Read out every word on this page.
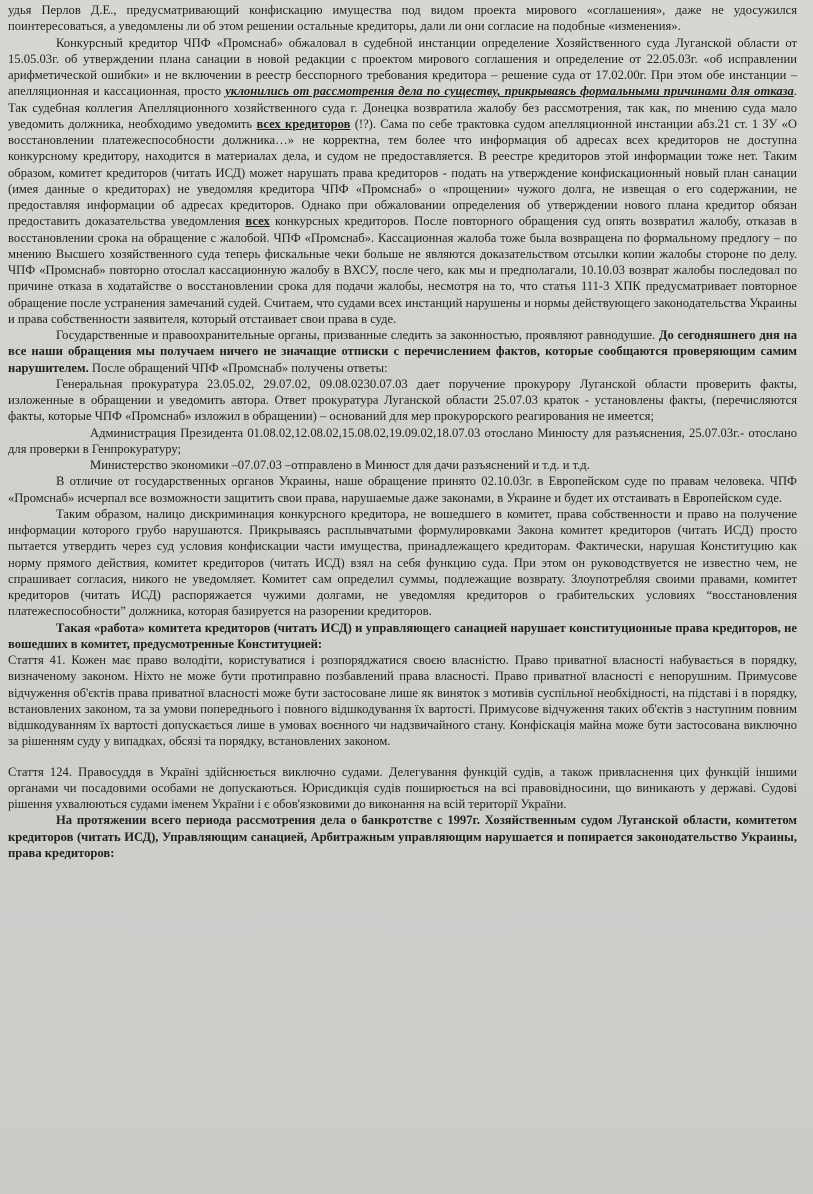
удья Перлов Д.Е., предусматривающий конфискацию имущества под видом проекта мирового «соглашения», даже не удосужился поинтересоваться, а уведомлены ли об этом решении остальные кредиторы, дали ли они согласие на подобные «изменения».

Конкурсный кредитор ЧПФ «Промснаб» обжаловал в судебной инстанции определение Хозяйственного суда Луганской области от 15.05.03г. об утверждении плана санации в новой редакции с проектом мирового соглашения и определение от 22.05.03г. «об исправлении арифметической ошибки» и не включении в реестр бесспорного требования кредитора – решение суда от 17.02.00г. При этом обе инстанции – апелляционная и кассационная, просто уклонились от рассмотрения дела по существу, прикрываясь формальными причинами для отказа. Так судебная коллегия Апелляционного хозяйственного суда г. Донецка возвратила жалобу без рассмотрения, так как, по мнению суда мало уведомить должника, необходимо уведомить всех кредиторов (!?). Сама по себе трактовка судом апелляционной инстанции абз.21 ст. 1 ЗУ «О восстановлении платежеспособности должника…» не корректна, тем более что информация об адресах всех кредиторов не доступна конкурсному кредитору, находится в материалах дела, и судом не предоставляется. В реестре кредиторов этой информации тоже нет. Таким образом, комитет кредиторов (читать ИСД) может нарушать права кредиторов - подать на утверждение конфискационный новый план санации (имея данные о кредиторах) не уведомляя кредитора ЧПФ «Промснаб» о «прощении» чужого долга, не извещая о его содержании, не предоставляя информации об адресах кредиторов. Однако при обжаловании определения об утверждении нового плана кредитор обязан предоставить доказательства уведомления всех конкурсных кредиторов. После повторного обращения суд опять возвратил жалобу, отказав в восстановлении срока на обращение с жалобой. ЧПФ «Промснаб». Кассационная жалоба тоже была возвращена по формальному предлогу – по мнению Высшего хозяйственного суда теперь фискальные чеки больше не являются доказательством отсылки копии жалобы стороне по делу. ЧПФ «Промснаб» повторно отослал кассационную жалобу в ВХСУ, после чего, как мы и предполагали, 10.10.03 возврат жалобы последовал по причине отказа в ходатайстве о восстановлении срока для подачи жалобы, несмотря на то, что статья 111-3 ХПК предусматривает повторное обращение после устранения замечаний судей. Считаем, что судами всех инстанций нарушены и нормы действующего законодательства Украины и права собственности заявителя, который отстаивает свои права в суде.

Государственные и правоохранительные органы, призванные следить за законностью, проявляют равнодушие. До сегодняшнего дня на все наши обращения мы получаем ничего не значащие отписки с перечислением фактов, которые сообщаются проверяющим самим нарушителем. После обращений ЧПФ «Промснаб» получены ответы:

Генеральная прокуратура 23.05.02, 29.07.02, 09.08.0230.07.03 дает поручение прокурору Луганской области проверить факты, изложенные в обращении и уведомить автора. Ответ прокуратура Луганской области 25.07.03 краток - установлены факты, (перечисляются факты, которые ЧПФ «Промснаб» изложил в обращении) – оснований для мер прокурорского реагирования не имеется;

Администрация Президента 01.08.02,12.08.02,15.08.02,19.09.02,18.07.03 отослано Минюсту для разъяснения, 25.07.03г.- отослано для проверки в Генпрокуратуру;

Министерство экономики –07.07.03 –отправлено в Минюст для дачи разъяснений и т.д. и т.д.

В отличие от государственных органов Украины, наше обращение принято 02.10.03г. в Европейском суде по правам человека. ЧПФ «Промснаб» исчерпал все возможности защитить свои права, нарушаемые даже законами, в Украине и будет их отстаивать в Европейском суде.

Таким образом, налицо дискриминация конкурсного кредитора, не вошедшего в комитет, права собственности и право на получение информации которого грубо нарушаются. Прикрываясь расплывчатыми формулировками Закона комитет кредиторов (читать ИСД) просто пытается утвердить через суд условия конфискации части имущества, принадлежащего кредиторам. Фактически, нарушая Конституцию как норму прямого действия, комитет кредиторов (читать ИСД) взял на себя функцию суда. При этом он руководствуется не известно чем, не спрашивает согласия, никого не уведомляет. Комитет сам определил суммы, подлежащие возврату. Злоупотребляя своими правами, комитет кредиторов (читать ИСД) распоряжается чужими долгами, не уведомляя кредиторов о грабительских условиях “восстановления платежеспособности” должника, которая базируется на разорении кредиторов.

Такая «работа» комитета кредиторов (читать ИСД) и управляющего санацией нарушает конституционные права кредиторов, не вошедших в комитет, предусмотренные Конституцией:

Стаття 41. Кожен має право володіти, користуватися і розпоряджатися своєю власністю. Право приватної власності набувається в порядку, визначеному законом. Ніхто не може бути протиправно позбавлений права власності. Право приватної власності є непорушним. Примусове відчуження об'єктів права приватної власності може бути застосоване лише як виняток з мотивів суспільної необхідності, на підставі і в порядку, встановлених законом, та за умови попереднього і повного відшкодування їх вартості. Примусове відчуження таких об'єктів з наступним повним відшкодуванням їх вартості допускається лише в умовах воєнного чи надзвичайного стану. Конфіскація майна може бути застосована виключно за рішенням суду у випадках, обсязі та порядку, встановлених законом.

Стаття 124. Правосуддя в Україні здійснюється виключно судами. Делегування функцій судів, а також привласнення цих функцій іншими органами чи посадовими особами не допускаються. Юрисдикція судів поширюється на всі правовідносини, що виникають у державі. Судові рішення ухвалюються судами іменем України і є обов'язковими до виконання на всій території України.

На протяжении всего периода рассмотрения дела о банкротстве с 1997г. Хозяйственным судом Луганской области, комитетом кредиторов (читать ИСД), Управляющим санацией, Арбитражным управляющим нарушается и попирается законодательство Украины, права кредиторов:
